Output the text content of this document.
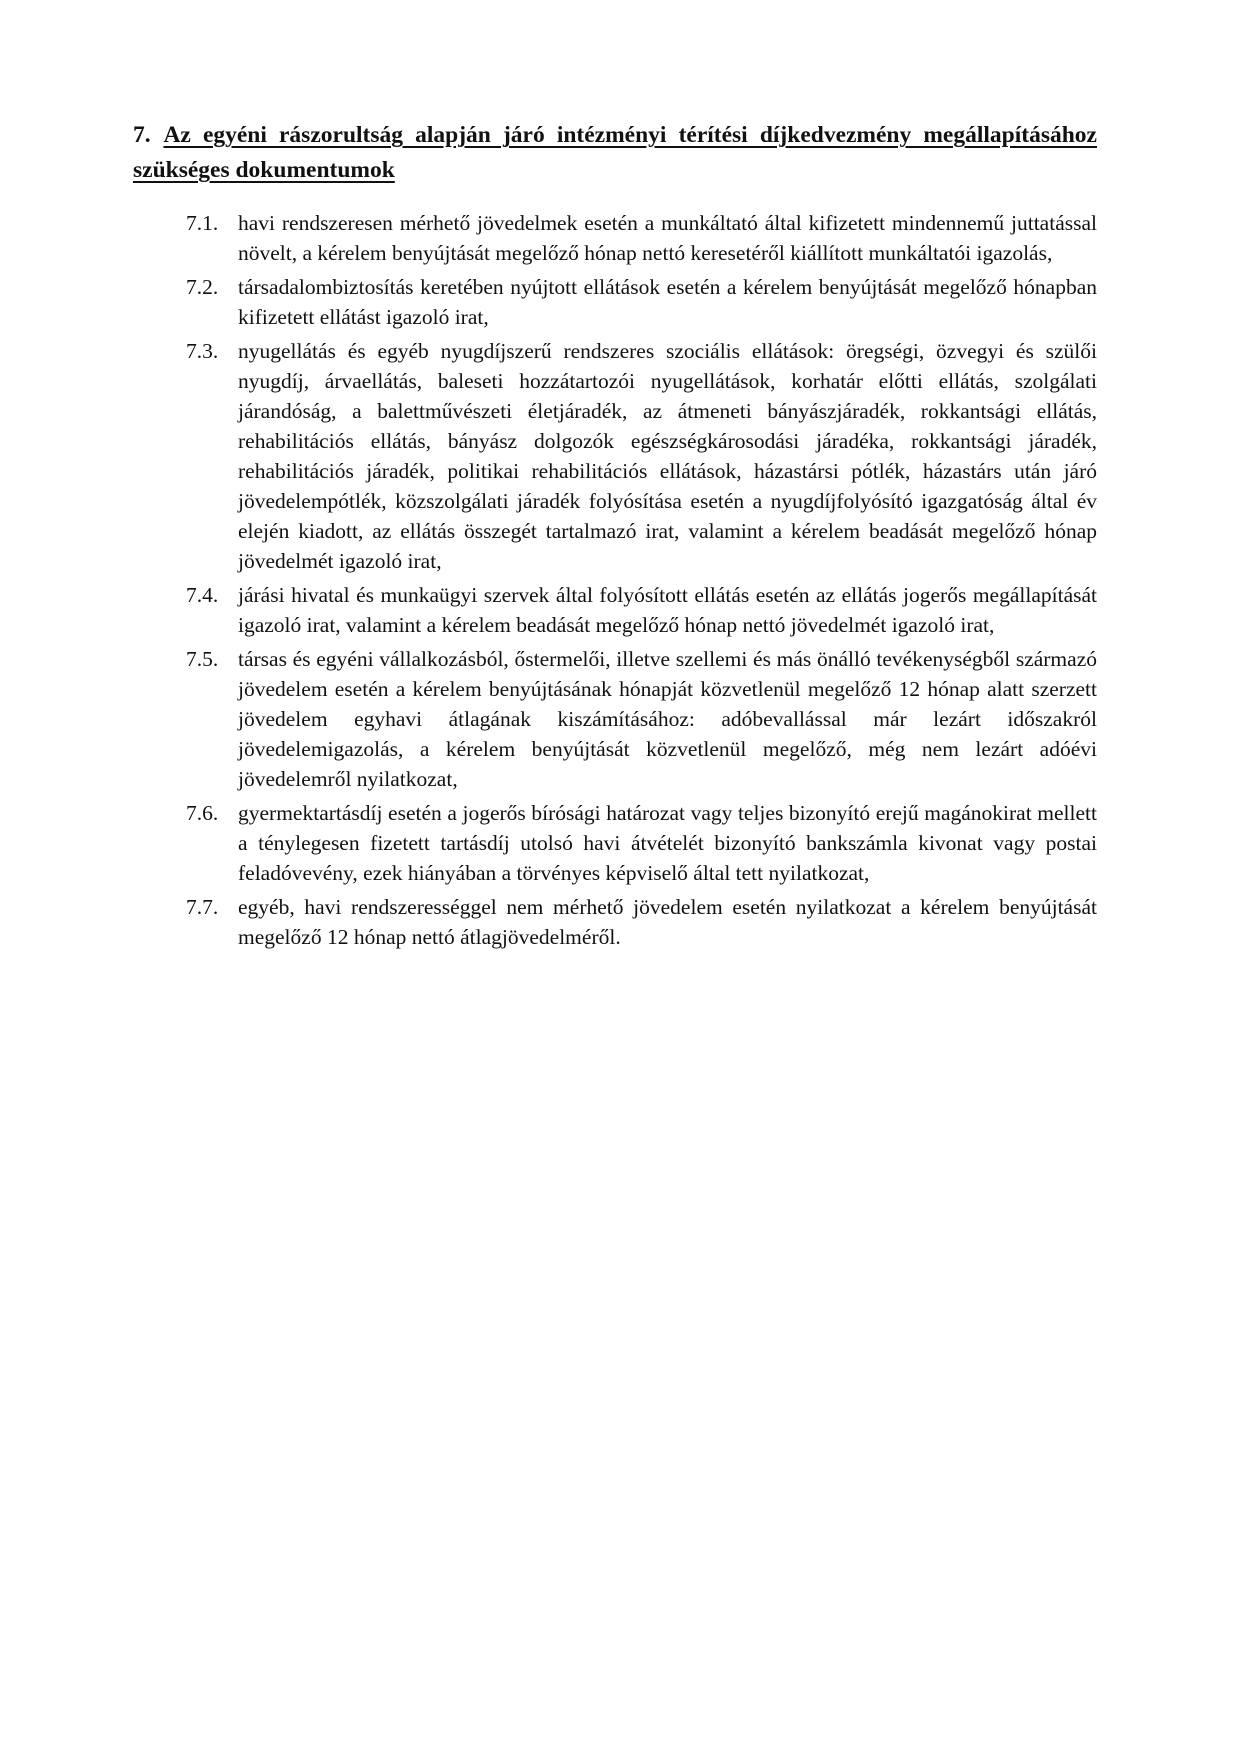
7. Az egyéni rászorultság alapján járó intézményi térítési díjkedvezmény megállapításához szükséges dokumentumok

7.1. havi rendszeresen mérhető jövedelmek esetén a munkáltató által kifizetett mindennemű juttatással növelt, a kérelem benyújtását megelőző hónap nettó keresetéről kiállított munkáltatói igazolás,
7.2. társadalombiztosítás keretében nyújtott ellátások esetén a kérelem benyújtását megelőző hónapban kifizetett ellátást igazoló irat,
7.3. nyugellátás és egyéb nyugdíjszerű rendszeres szociális ellátások: öregségi, özvegyi és szülői nyugdíj, árvaellátás, baleseti hozzátartozói nyugellátások, korhatár előtti ellátás, szolgálati járandóság, a balettművészeti életjáradék, az átmeneti bányászjáradék, rokkantsági ellátás, rehabilitációs ellátás, bányász dolgozók egészségkárosodási járadéka, rokkantsági járadék, rehabilitációs járadék, politikai rehabilitációs ellátások, házastársi pótlék, házastárs után járó jövedelempótlék, közszolgálati járadék folyósítása esetén a nyugdíjfolyósító igazgatóság által év elején kiadott, az ellátás összegét tartalmazó irat, valamint a kérelem beadását megelőző hónap jövedelmét igazoló irat,
7.4. járási hivatal és munkaügyi szervek által folyósított ellátás esetén az ellátás jogerős megállapítását igazoló irat, valamint a kérelem beadását megelőző hónap nettó jövedelmét igazoló irat,
7.5. társas és egyéni vállalkozásból, őstermelői, illetve szellemi és más önálló tevékenységből származó jövedelem esetén a kérelem benyújtásának hónapját közvetlenül megelőző 12 hónap alatt szerzett jövedelem egyhavi átlagának kiszámításához: adóbevallással már lezárt időszakról jövedelemigazolás, a kérelem benyújtását közvetlenül megelőző, még nem lezárt adóévi jövedelemről nyilatkozat,
7.6. gyermektartásdíj esetén a jogerős bírósági határozat vagy teljes bizonyító erejű magánokirat mellett a ténylegesen fizetett tartásdíj utolsó havi átvételét bizonyító bankszámla kivonat vagy postai feladóvevény, ezek hiányában a törvényes képviselő által tett nyilatkozat,
7.7. egyéb, havi rendszerességgel nem mérhető jövedelem esetén nyilatkozat a kérelem benyújtását megelőző 12 hónap nettó átlagjövedelméről.
